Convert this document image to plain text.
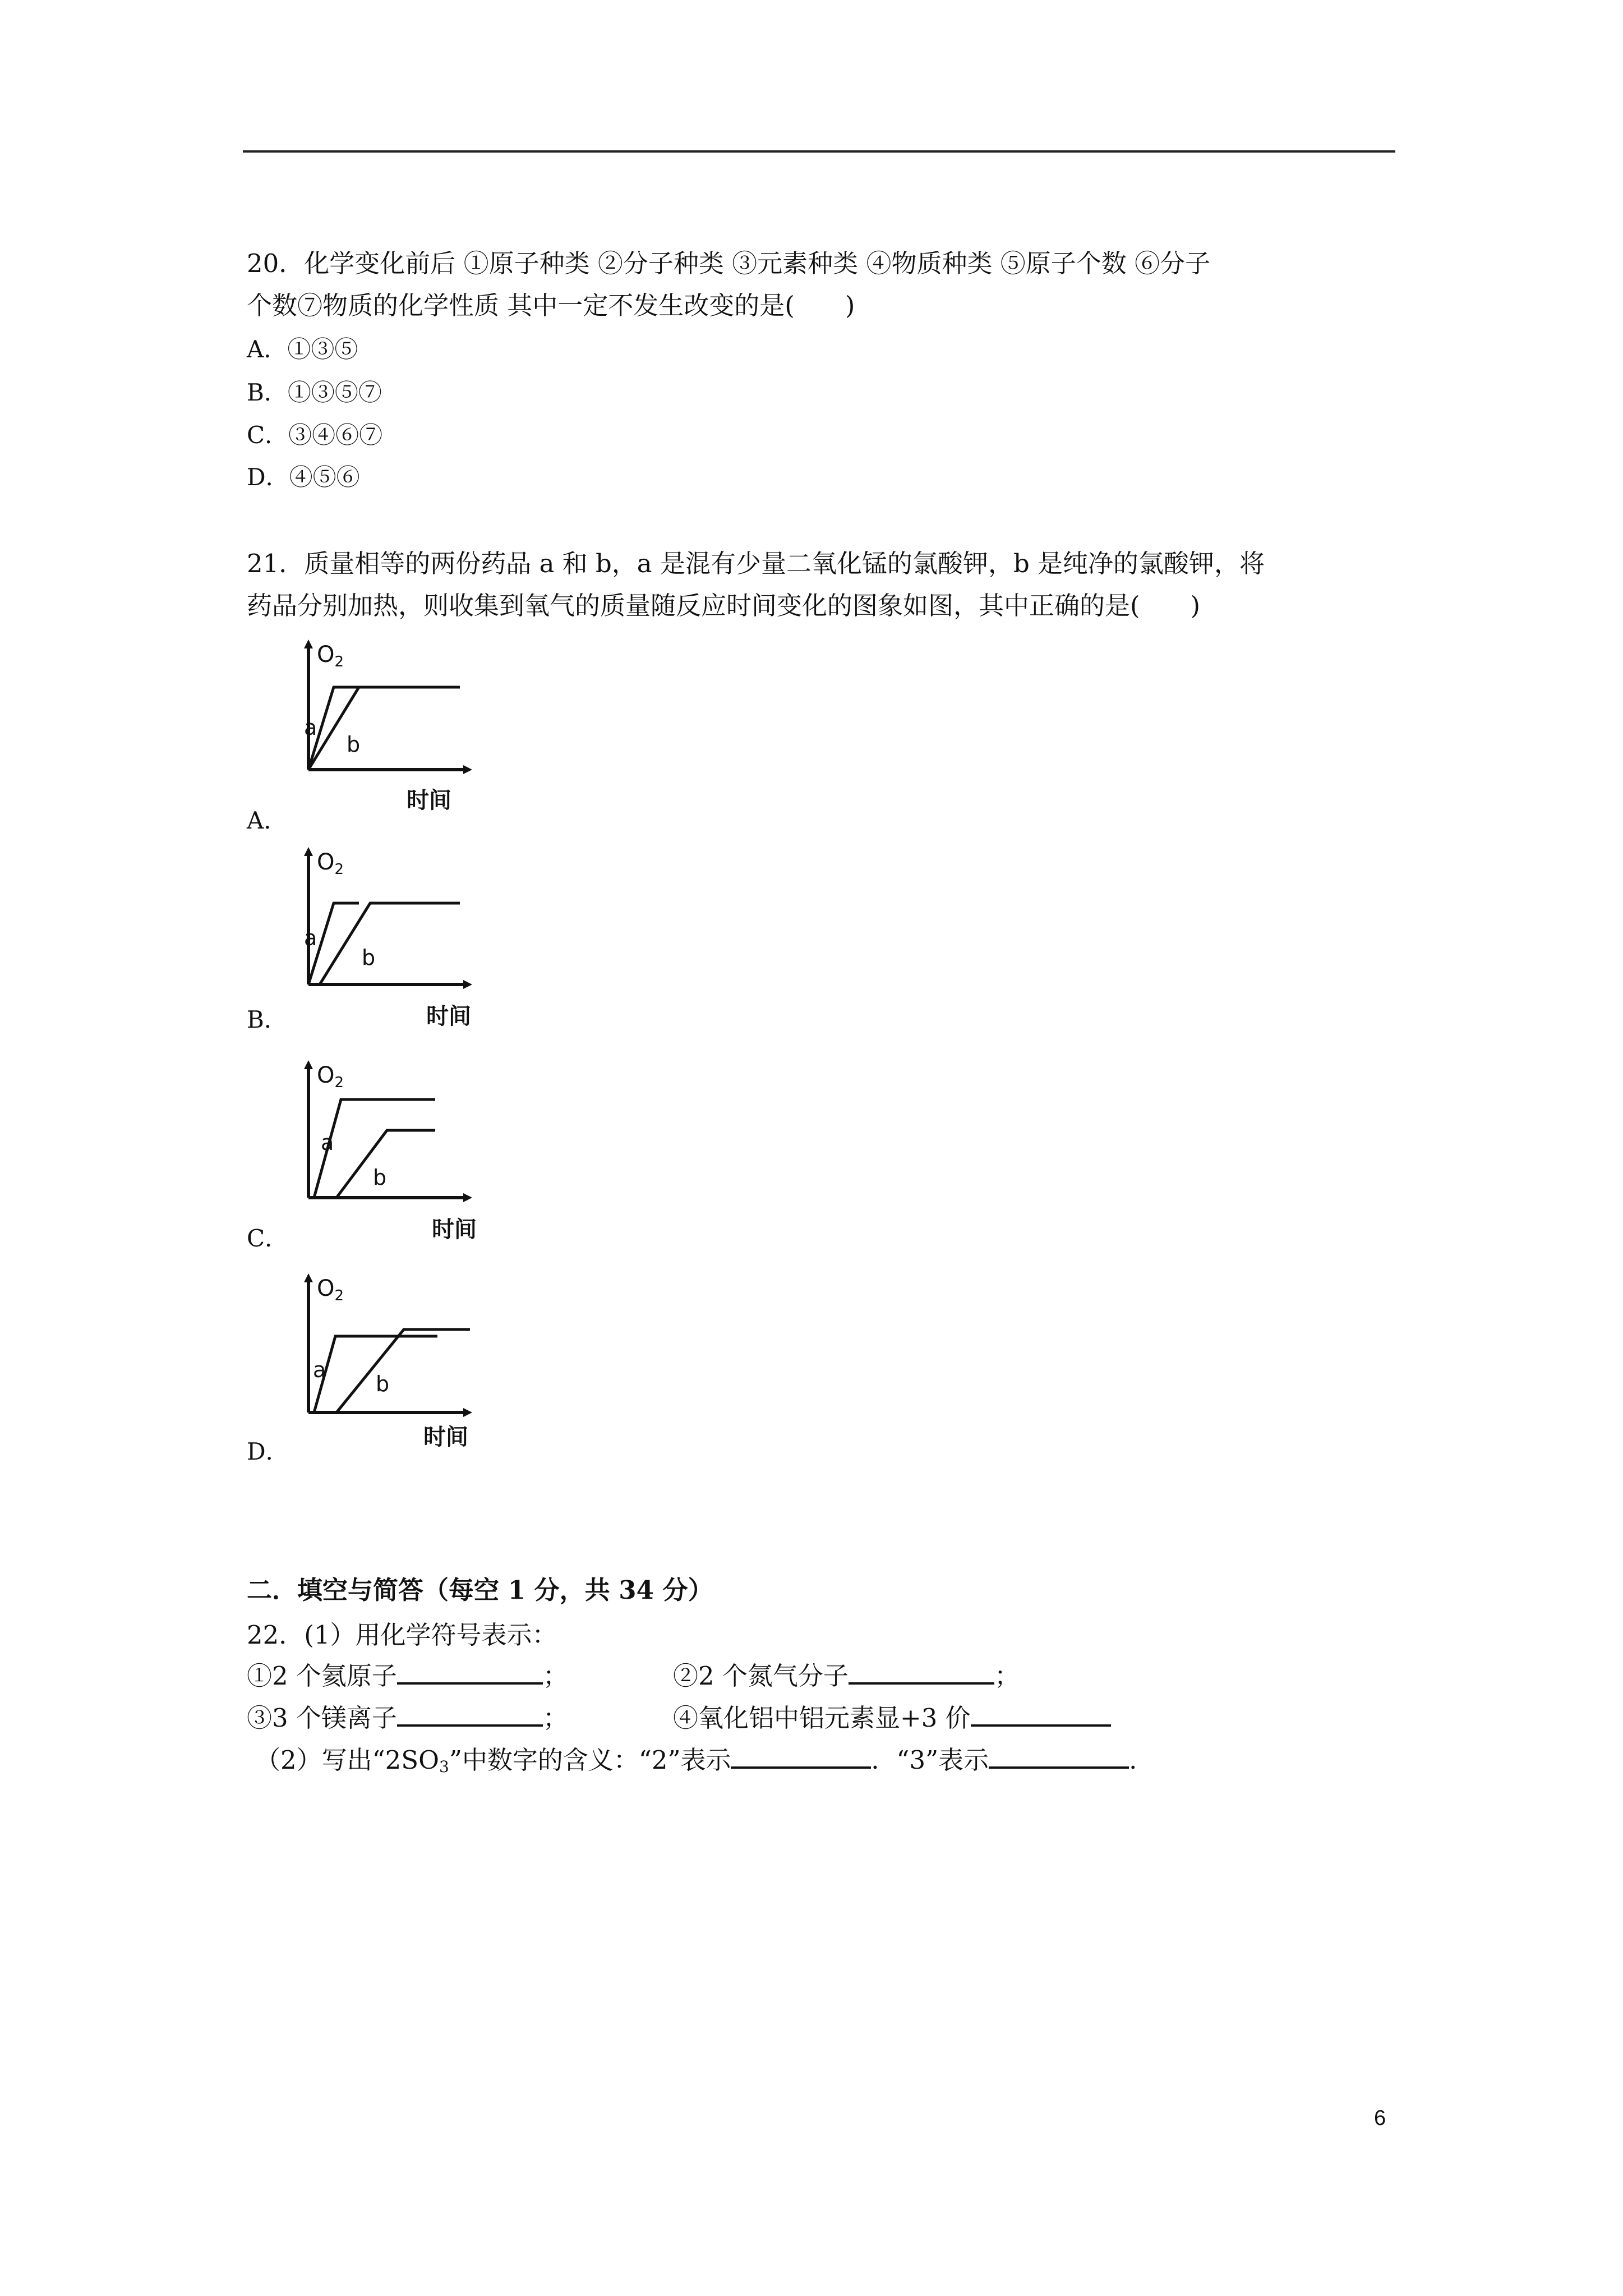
20．化学变化前后 ①原子种类 ②分子种类 ③元素种类 ④物质种类 ⑤原子个数 ⑥分子
个数⑦物质的化学性质 其中一定不发生改变的是(　　)
A．①③⑤
B．①③⑤⑦
C．③④⑥⑦
D．④⑤⑥
21．质量相等的两份药品 a 和 b，a 是混有少量二氧化锰的氯酸钾，b 是纯净的氯酸钾，将
药品分别加热，则收集到氧气的质量随反应时间变化的图象如图，其中正确的是(　　)
$O_2$
a
b
时间
A．
$O_2$
a
b
时间
B．
$O_2$
a
b
时间
C．
$O_2$
a
b
时间
D．
二．填空与简答（每空 1 分，共 34 分）
22．(1）用化学符号表示：
①2 个氦原子	；	②2 个氮气分子	；
③3 个镁离子	；	④氧化铝中铝元素显+3 价
（2）写出“$2SO_3$”中数字的含义：“2”表示	．“3”表示	.
6
